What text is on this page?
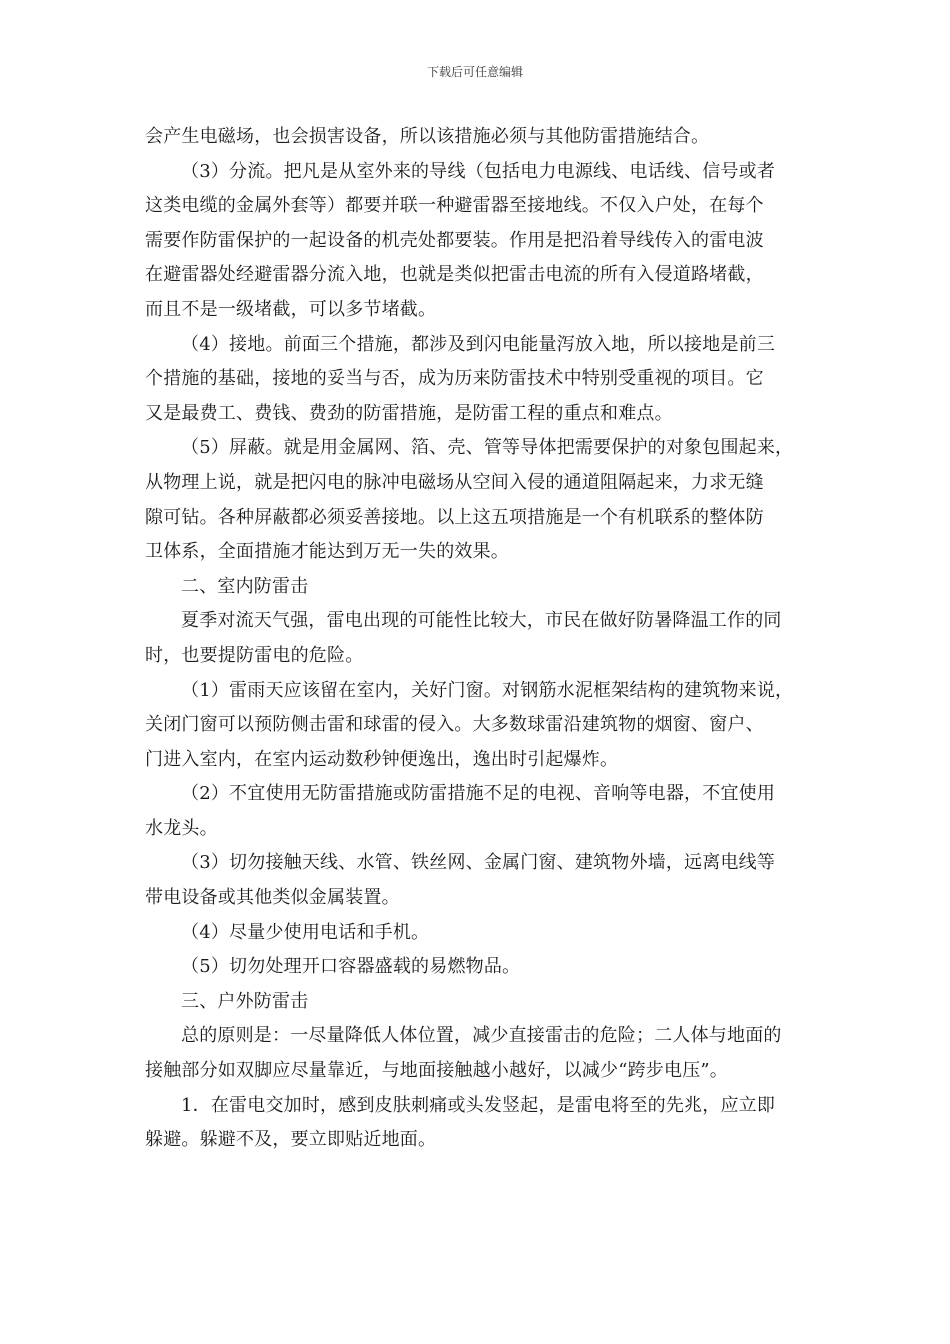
下载后可任意编辑
会产生电磁场，也会损害设备，所以该措施必须与其他防雷措施结合。
（3）分流。把凡是从室外来的导线（包括电力电源线、电话线、信号或者
这类电缆的金属外套等）都要并联一种避雷器至接地线。不仅入户处，在每个
需要作防雷保护的一起设备的机壳处都要装。作用是把沿着导线传入的雷电波
在避雷器处经避雷器分流入地，也就是类似把雷击电流的所有入侵道路堵截，
而且不是一级堵截，可以多节堵截。
（4）接地。前面三个措施，都涉及到闪电能量泻放入地，所以接地是前三
个措施的基础，接地的妥当与否，成为历来防雷技术中特别受重视的项目。它
又是最费工、费钱、费劲的防雷措施，是防雷工程的重点和难点。
（5）屏蔽。就是用金属网、箔、壳、管等导体把需要保护的对象包围起来，
从物理上说，就是把闪电的脉冲电磁场从空间入侵的通道阻隔起来，力求无缝
隙可钻。各种屏蔽都必须妥善接地。以上这五项措施是一个有机联系的整体防
卫体系，全面措施才能达到万无一失的效果。
二、室内防雷击
夏季对流天气强，雷电出现的可能性比较大，市民在做好防暑降温工作的同
时，也要提防雷电的危险。
（1）雷雨天应该留在室内，关好门窗。对钢筋水泥框架结构的建筑物来说，
关闭门窗可以预防侧击雷和球雷的侵入。大多数球雷沿建筑物的烟窗、窗户、
门进入室内，在室内运动数秒钟便逸出，逸出时引起爆炸。
（2）不宜使用无防雷措施或防雷措施不足的电视、音响等电器，不宜使用
水龙头。
（3）切勿接触天线、水管、铁丝网、金属门窗、建筑物外墙，远离电线等
带电设备或其他类似金属装置。
（4）尽量少使用电话和手机。
（5）切勿处理开口容器盛载的易燃物品。
三、户外防雷击
总的原则是：一尽量降低人体位置，减少直接雷击的危险；二人体与地面的
接触部分如双脚应尽量靠近，与地面接触越小越好，以减少“跨步电压”。
1．在雷电交加时，感到皮肤刺痛或头发竖起，是雷电将至的先兆，应立即
躲避。躲避不及，要立即贴近地面。
